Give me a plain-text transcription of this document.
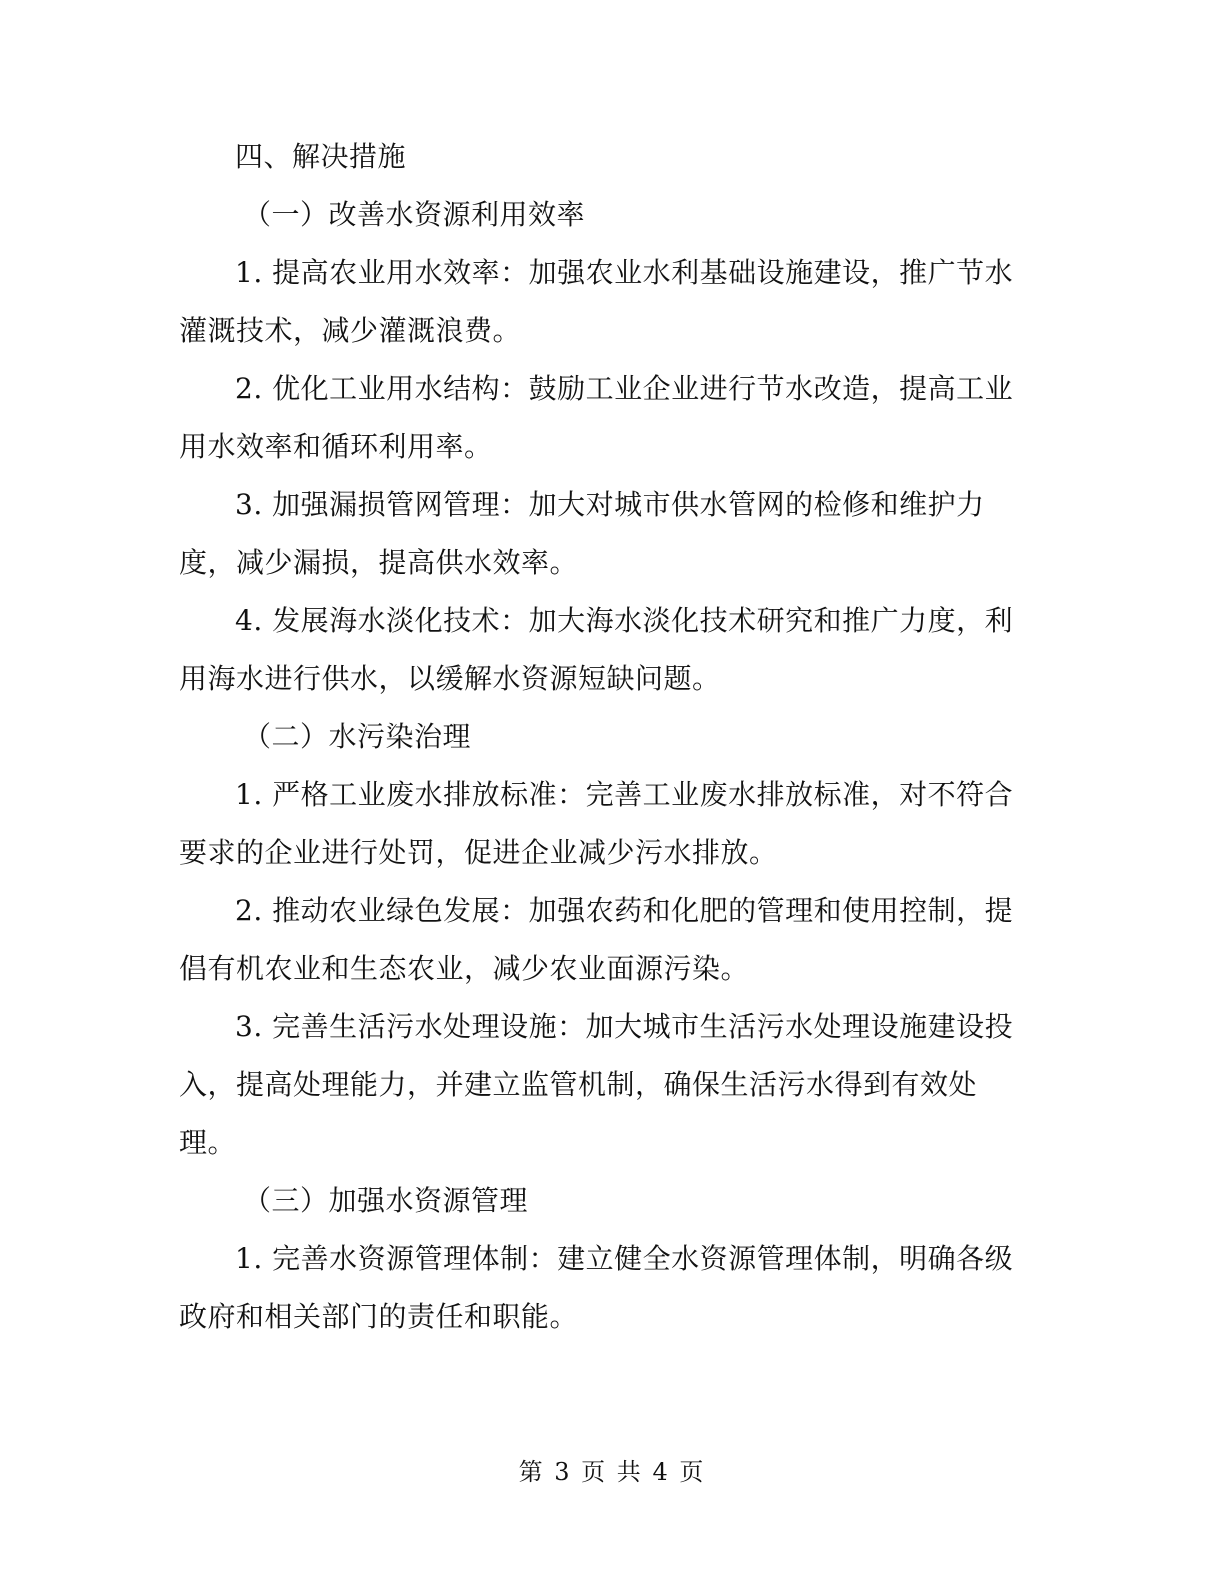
四、解决措施

（一）改善水资源利用效率

1. 提高农业用水效率：加强农业水利基础设施建设，推广节水灌溉技术，减少灌溉浪费。

2. 优化工业用水结构：鼓励工业企业进行节水改造，提高工业用水效率和循环利用率。

3. 加强漏损管网管理：加大对城市供水管网的检修和维护力度，减少漏损，提高供水效率。

4. 发展海水淡化技术：加大海水淡化技术研究和推广力度，利用海水进行供水，以缓解水资源短缺问题。

（二）水污染治理

1. 严格工业废水排放标准：完善工业废水排放标准，对不符合要求的企业进行处罚，促进企业减少污水排放。

2. 推动农业绿色发展：加强农药和化肥的管理和使用控制，提倡有机农业和生态农业，减少农业面源污染。

3. 完善生活污水处理设施：加大城市生活污水处理设施建设投入，提高处理能力，并建立监管机制，确保生活污水得到有效处理。

（三）加强水资源管理

1. 完善水资源管理体制：建立健全水资源管理体制，明确各级政府和相关部门的责任和职能。

第 3 页 共 4 页
